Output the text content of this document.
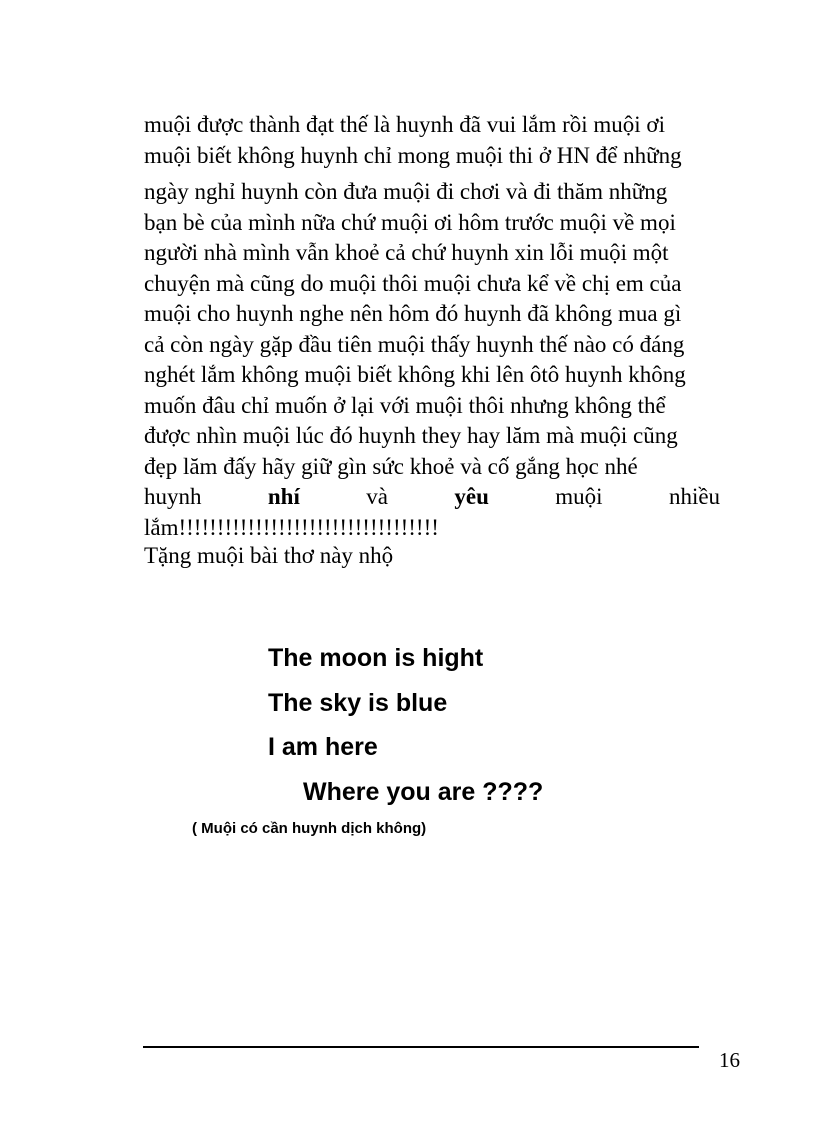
muội được thành đạt thế là huynh đã vui lắm rồi muội ơi
muội biết không huynh chỉ mong muội thi ở HN để những
ngày nghỉ huynh còn đưa muội đi chơi và đi thăm những
bạn bè của mình nữa chứ muội ơi hôm trước muội về mọi
người nhà mình vẫn khoẻ cả chứ huynh xin lỗi muội một
chuyện mà cũng do muội thôi muội chưa kể về chị em của
muội cho huynh nghe nên hôm đó huynh đã không mua gì
cả còn ngày gặp đầu tiên muội thấy huynh thế nào có đáng
nghét lắm không muội biết không khi lên ôtô huynh không
muốn đâu chỉ muốn ở lại với muội thôi nhưng không thể
được nhìn muội lúc đó huynh they hay lăm mà muội cũng
đẹp lăm đấy hãy giữ gìn sức khoẻ và cố gắng học nhé
huynh	nhí	và	yêu	muội	nhiều
lắm!!!!!!!!!!!!!!!!!!!!!!!!!!!!!!!!!!
Tặng muội bài thơ này nhộ
The moon is hight
The sky is blue
I am here
Where you are ????
( Muội có cần huynh dịch không)
16
